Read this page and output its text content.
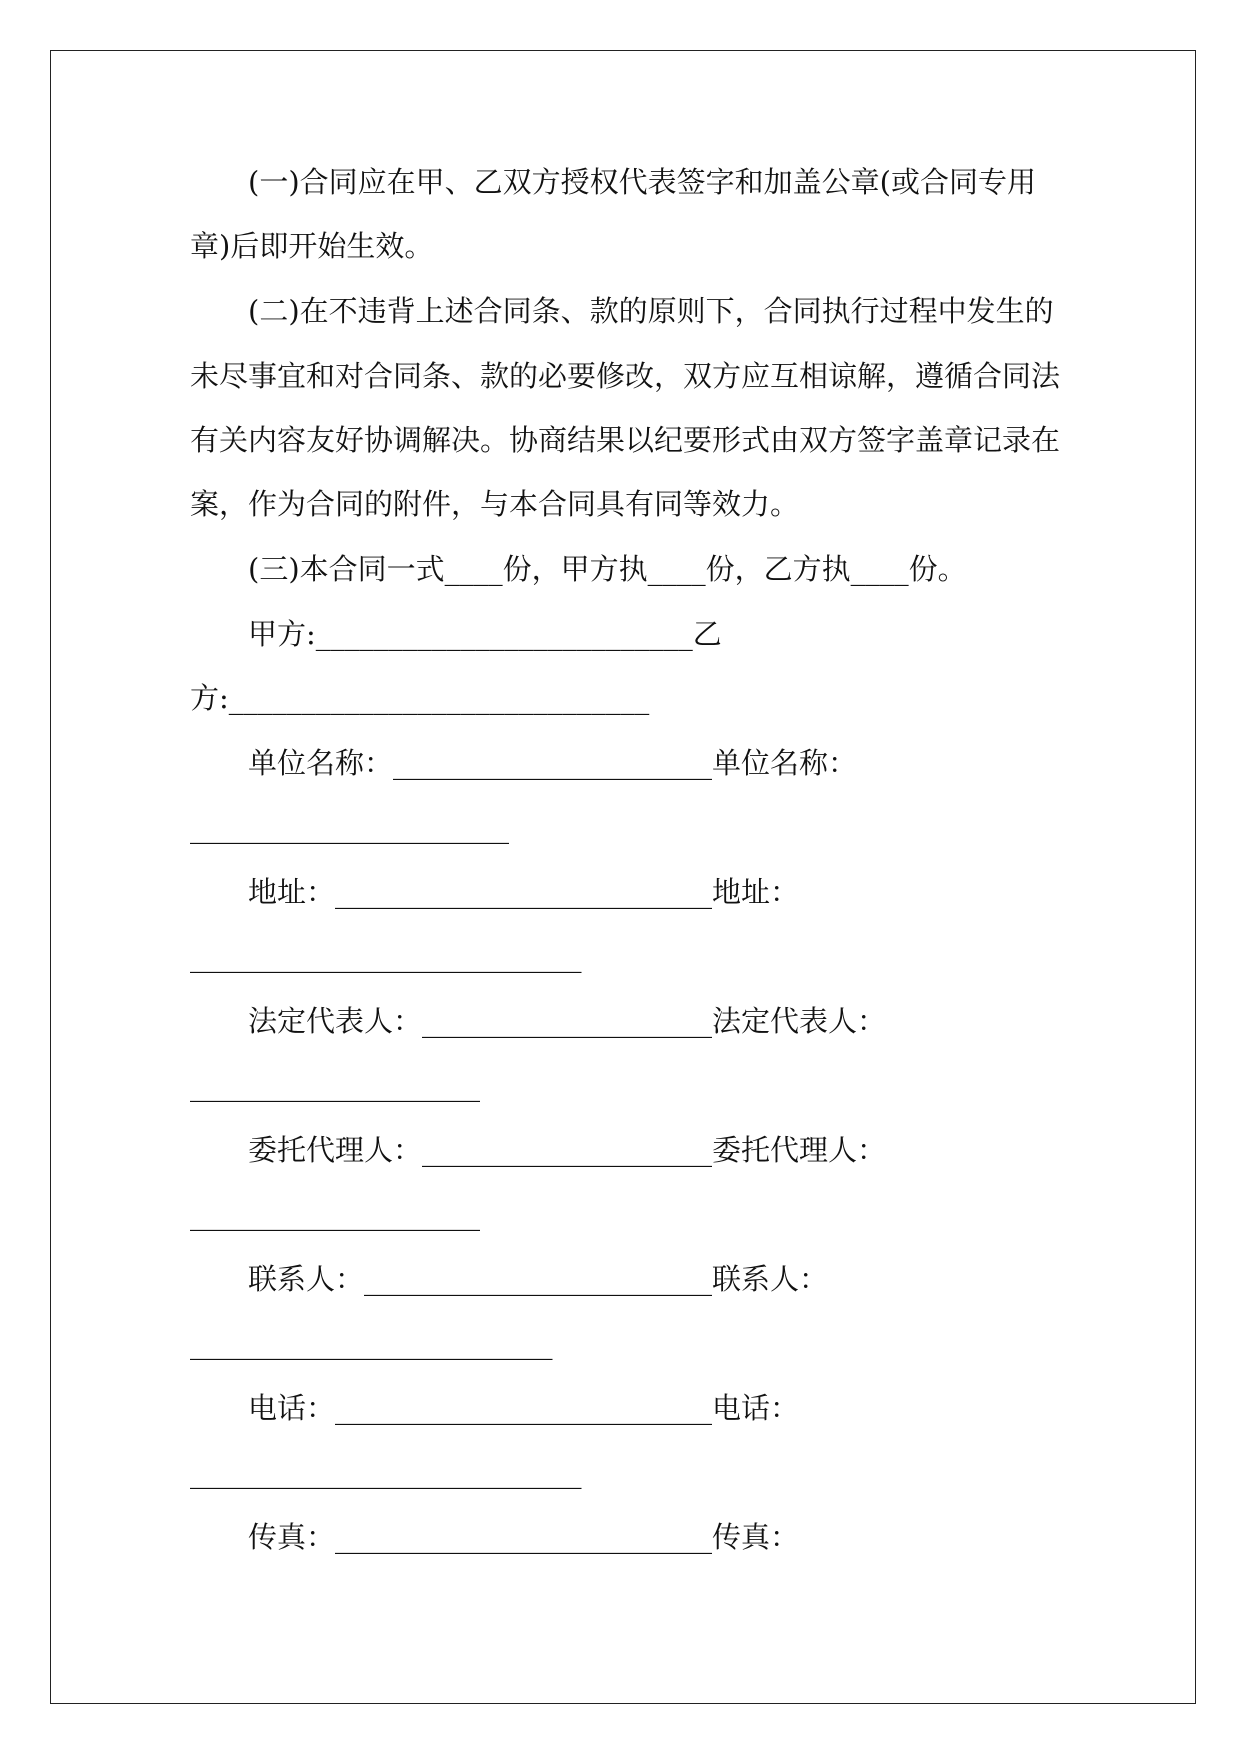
(一)合同应在甲、乙双方授权代表签字和加盖公章(或合同专用
章)后即开始生效。
(二)在不违背上述合同条、款的原则下，合同执行过程中发生的
未尽事宜和对合同条、款的必要修改，双方应互相谅解，遵循合同法
有关内容友好协调解决。协商结果以纪要形式由双方签字盖章记录在
案，作为合同的附件，与本合同具有同等效力。
(三)本合同一式____份，甲方执____份，乙方执____份。
甲方:__________________________乙
方:_____________________________
单位名称：______________________单位名称：
______________________
地址：__________________________地址：
___________________________
法定代表人：____________________法定代表人：
____________________
委托代理人：____________________委托代理人：
____________________
联系人：________________________联系人：
_________________________
电话：__________________________电话：
___________________________
传真：__________________________传真：
